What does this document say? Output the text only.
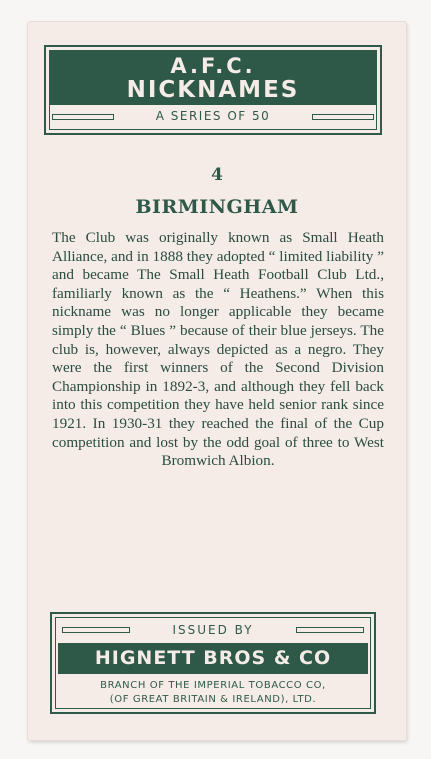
A.F.C.
NICKNAMES
A SERIES OF 50
4
BIRMINGHAM

The Club was originally known as Small Heath Alliance, and in 1888 they adopted “ limited liability ” and became The Small Heath Football Club Ltd., familiarly known as the “ Heathens.” When this nickname was no longer applicable they became simply the “ Blues ” because of their blue jerseys. The club is, however, always depicted as a negro. They were the first winners of the Second Division Championship in 1892-3, and although they fell back into this competition they have held senior rank since 1921. In 1930-31 they reached the final of the Cup competition and lost by the odd goal of three to West Bromwich Albion.

ISSUED BY
HIGNETT BROS & CO
BRANCH OF THE IMPERIAL TOBACCO CO,
(OF GREAT BRITAIN & IRELAND), LTD.
